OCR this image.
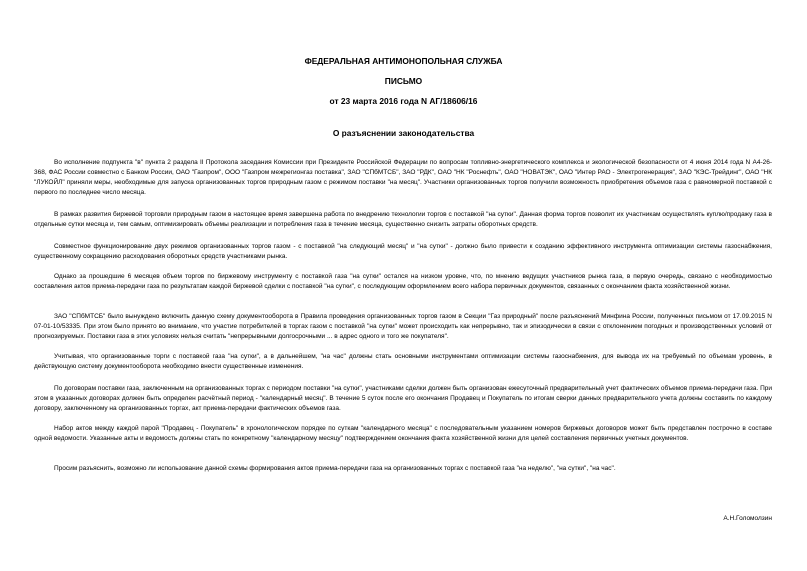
ФЕДЕРАЛЬНАЯ АНТИМОНОПОЛЬНАЯ СЛУЖБА
ПИСЬМО
от 23 марта 2016 года N АГ/18606/16
О разъяснении законодательства
Во исполнение подпункта "в" пункта 2 раздела II Протокола заседания Комиссии при Президенте Российской Федерации по вопросам топливно-энергетического комплекса и экологической безопасности от 4 июня 2014 года N А4-26-368, ФАС России совместно с Банком России, ОАО "Газпром", ООО "Газпром межрегионгаз поставка", ЗАО "СПбМТСБ", ЗАО "РДК", ОАО "НК "Роснефть", ОАО "НОВАТЭК", ОАО "Интер РАО - Электрогенерация", ЗАО "КЭС-Трейдинг", ОАО "НК "ЛУКОЙЛ" приняли меры, необходимые для запуска организованных торгов природным газом с режимом поставки "на месяц". Участники организованных торгов получили возможность приобретения объемов газа с равномерной поставкой с первого по последнее число месяца.
В рамках развития биржевой торговли природным газом в настоящее время завершена работа по внедрению технологии торгов с поставкой "на сутки". Данная форма торгов позволит их участникам осуществлять куплю/продажу газа в отдельные сутки месяца и, тем самым, оптимизировать объемы реализации и потребления газа в течение месяца, существенно снизить затраты оборотных средств.
Совместное функционирование двух режимов организованных торгов газом - с поставкой "на следующий месяц" и "на сутки" - должно было привести к созданию эффективного инструмента оптимизации системы газоснабжения, существенному сокращению расходования оборотных средств участниками рынка.
Однако за прошедшие 6 месяцев объем торгов по биржевому инструменту с поставкой газа "на сутки" остался на низком уровне, что, по мнению ведущих участников рынка газа, в первую очередь, связано с необходимостью составления актов приема-передачи газа по результатам каждой биржевой сделки с поставкой "на сутки", с последующим оформлением всего набора первичных документов, связанных с окончанием факта хозяйственной жизни.
ЗАО "СПбМТСБ" было вынуждено включить данную схему документооборота в Правила проведения организованных торгов газом в Секции "Газ природный" после разъяснений Минфина России, полученных письмом от 17.09.2015 N 07-01-10/53335. При этом было принято во внимание, что участие потребителей в торгах газом с поставкой "на сутки" может происходить как непрерывно, так и эпизодически в связи с отклонением погодных и производственных условий от прогнозируемых. Поставки газа в этих условиях нельзя считать "непрерывными долгосрочными ... в адрес одного и того же покупателя".
Учитывая, что организованные торги с поставкой газа "на сутки", а в дальнейшем, "на час" должны стать основными инструментами оптимизации системы газоснабжения, для вывода их на требуемый по объемам уровень, в действующую систему документооборота необходимо внести существенные изменения.
По договорам поставки газа, заключенным на организованных торгах с периодом поставки "на сутки", участниками сделки должен быть организован ежесуточный предварительный учет фактических объемов приема-передачи газа. При этом в указанных договорах должен быть определен расчётный период - "календарный месяц". В течение 5 суток после его окончания Продавец и Покупатель по итогам сверки данных предварительного учета должны составить по каждому договору, заключенному на организованных торгах, акт приема-передачи фактических объемов газа.
Набор актов между каждой парой "Продавец - Покупатель" в хронологическом порядке по суткам "календарного месяца" с последовательным указанием номеров биржевых договоров может быть представлен построчно в составе одной ведомости. Указанные акты и ведомость должны стать по конкретному "календарному месяцу" подтверждением окончания факта хозяйственной жизни для целей составления первичных учетных документов.
Просим разъяснить, возможно ли использование данной схемы формирования актов приема-передачи газа на организованных торгах с поставкой газа "на неделю", "на сутки", "на час".
А.Н.Голомолзин
